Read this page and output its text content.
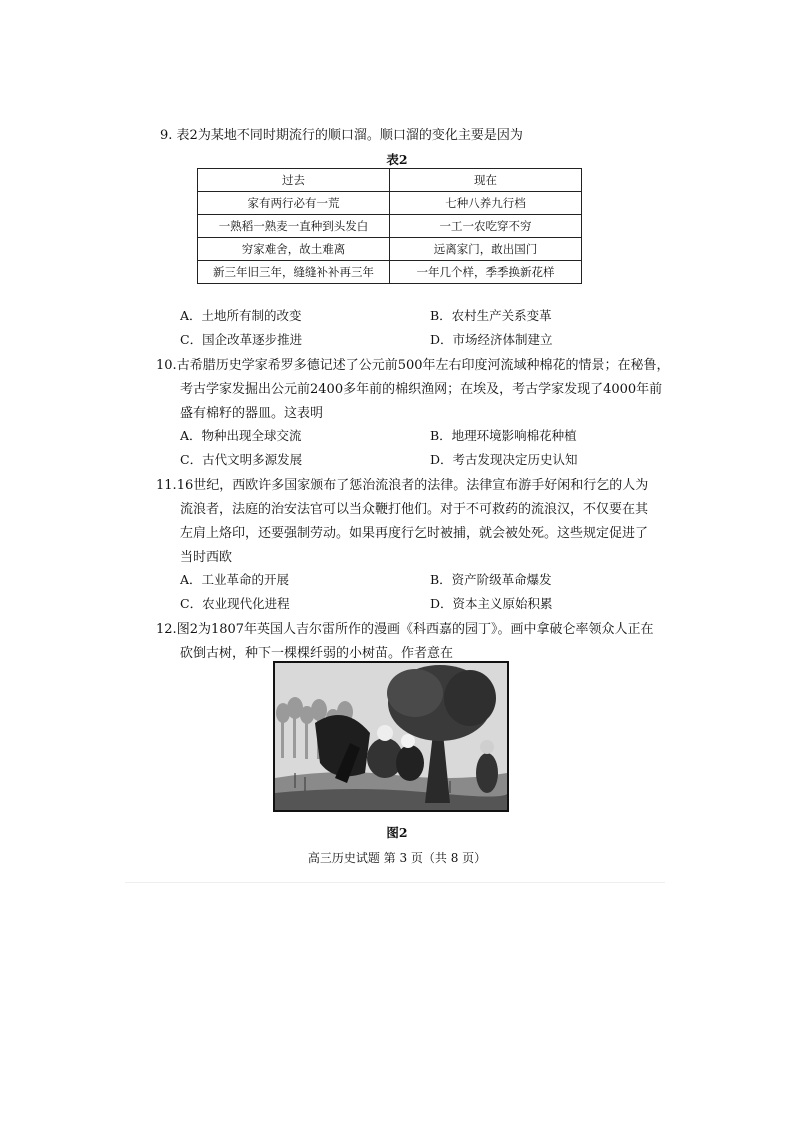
9. 表2为某地不同时期流行的顺口溜。顺口溜的变化主要是因为
表2
过去	现在
家有两行必有一荒	七种八养九行档
一熟稻一熟麦一直种到头发白	一工一农吃穿不穷
穷家难舍，故土难离	远离家门，敢出国门
新三年旧三年，缝缝补补再三年	一年几个样，季季换新花样
A．土地所有制的改变	B．农村生产关系变革
C．国企改革逐步推进	D．市场经济体制建立
10.古希腊历史学家希罗多德记述了公元前500年左右印度河流域种棉花的情景；在秘鲁，
考古学家发掘出公元前2400多年前的棉织渔网；在埃及，考古学家发现了4000年前
盛有棉籽的器皿。这表明
A．物种出现全球交流	B．地理环境影响棉花种植
C．古代文明多源发展	D．考古发现决定历史认知
11.16世纪，西欧许多国家颁布了惩治流浪者的法律。法律宣布游手好闲和行乞的人为
流浪者，法庭的治安法官可以当众鞭打他们。对于不可救药的流浪汉，不仅要在其
左肩上烙印，还要强制劳动。如果再度行乞时被捕，就会被处死。这些规定促进了
当时西欧
A．工业革命的开展	B．资产阶级革命爆发
C．农业现代化进程	D．资本主义原始积累
12.图2为1807年英国人吉尔雷所作的漫画《科西嘉的园丁》。画中拿破仑率领众人正在
砍倒古树，种下一棵棵纤弱的小树苗。作者意在
图2
高三历史试题 第 3 页（共 8 页）
